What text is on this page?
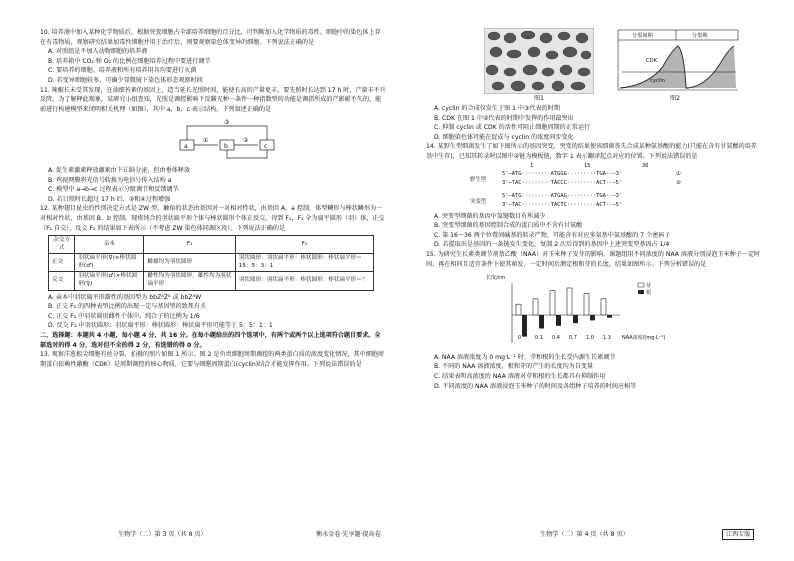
10. 培养液中加入某种化学物质后，根据突变细胞占全部培养细胞的百分比，可判断加入化学物质的毒性。细胞中的染色体上存在有毒物质，观察研究结果加毒性细胞并用于治疗后，则要观察染色体变异的细胞。下列说法正确的是

A. 对照组是不加入动物细胞的培养液

B. 培养箱中 CO₂ 和 O₂ 的比例在细胞培养过程中要进行调节

C. 要培养的细胞、培养液和所有培养用具均要进行灭菌

D. 若变异细胞较多，可确少显微镜下染色体形态观察时间

11. 辣椒长未受其发现，在油细苔素的基因上，造当延长光照时间，能使长高的产量更丰，要先照时长达到 17 h 时，产量丰不升反降。为了解释此现象，某研究小组查知，光照是调控影响下反瞒光种一条件一种指数型的功能是调指所成的产影影不失的，能前进行构建模型来闭明相关机理（如图），其中 a、b、c 表示结构。下列叙述正确的是

a	b	c
①	②
③

A. 促生素激素释放激素由下丘脑分泌，但由垂体释放

B. 鸡视网膜将光信号转换为电信号传入结构 a

C. 模型中 a→b→c 过程表示分级调节和反馈调节

D. 若日照时长超过 17 h 后，②和④过程增强

12. 某种翅目昆虫的性别决定方式是 ZW 型，触角的状态由基因对一对相对性状，由基因 A、a 控制，体型鳞形与棒状鳞形为一对相对性状，由基因 B、b 控制。现将纯合的羽状扁平形个体与棒状圆形个体正反交，得到 F₁，F₁ 全为扁平圆形（羽）体，正交（F₁ 自交）、反交 F₂ 的结果如下表所示（不考虑 ZW 染色体同源区段）。下列说法正确的是

杂交方式	亲本	F₁	F₂
正交	羽状扁平形(♀)×棒状圆形(♂)	雌雄均为羽状圆形	羽状圆形：羽状扁平形：棒状圆形：棒状扁平形＝15：5：3：1
反交	羽状扁平形(♂)×棒状圆形(♀)	雌性均为羽状圆形，雄性均为羽状扁平形	羽状圆形：羽状扁平形：棒状圆形：棒状扁平形＝？

A. 亲本中羽状扁平形雄性的基因型为 bbZᴬZᴬ 或 bbZᴬW

B. 正交 F₂ 的四种表型比例的出现一定与基因型的致死有关

C. 正交 F₂ 中羽状圆形雌性个体中，纯合子的比例为 1/6

D. 反交 F₂ 中羽状圆形：羽状扁平形：棒状圆形：棒状扁平形可能等于 5：5：1：1

二、选择题：本题共 4 小题，每小题 4 分，共 16 分。在每小题给出的四个选项中，有两个或两个以上选项符合题目要求。全部选对的得 4 分，选对但不全的得 2 分，有选错的得 0 分。

13. 观察洋葱根尖细胞有丝分裂，拍摄的照片如图 1 所示。图 2 是负责细胞周期调控的两类蛋白质的浓度变化情况，其中细胞周期蛋白依赖性激酶（CDK）是周期调控的核心物质，它要与细胞周期蛋白(cyclin)结合才能发挥作用。下列说法错误的是

生物学（二）第 3 页（共 8 页）	衡水金卷·先享题·提高卷
图1
分裂间期	分裂期
CDK
cyclin
图2

A. cyclin 的合成仅发生于图 1 中③代表的时期

B. CDK 在图 1 中②代表的时期中发挥的作用最突出

C. 抑制 cyclin 或 CDK 的活性可阻止细胞周期的正常运行

D. 细胞染色体可能在促成与 cyclin 的浓度同步变化

14. 某野生型细菌发生了如下图所示的基因突变，突变的结果使该细菌丧失合成某种氨基酸的能力(只能在含有甘氨酸的培养基中生存)，已知其转录时以图中②链为模板链，数字 1 表示翻译起点对应的位置。下列说法错误的是

1	15	36
野生型
5'—ATG·········ATGGG·········TGA··—3'
3'—TAC·········TACCC·········ACT··—5'
①
②
突变型
5'—ATG·········ATGAG·········TGA··—3'
3'—TAC·········TACTC·········ACT··—5'

A. 突变型细菌的基因中氢键数目有所减少

B. 突变型细菌的基因控制合成的蛋白质中不含有甘氨酸

C. 第 16～36 两个位置间碱基的转录产物，可能含有对应多氨基中氨基酸的 7 个密码子

D. 若提取出是基因的一条链发生变化，复制 2 次后得到的基因中上述突变型基因占 1/4

15. 为研究生长素类调节剂萘乙酸（NAA）对玉米种子发芽的影响，课题组用不同浓度的 NAA 溶液分别浸泡玉米种子一定时间，再在相同且适宜条件下使其萌发，一定时间后测定根和芽的长度，结果如图所示。下列分析错误的是

长度/cm
NAA浓度/(mg·L⁻¹)
0	0.1 0.4 0.7 1.0 1.3
芽
根

A. NAA 溶液浓度为 0 mg·L⁻¹ 时，芽和根的生长受内源生长素调节

B. 不同的 NAA 溶液浓度，根和芽的产生的长度均为自变量

C. 结果表明高浓度的 NAA 溶液对芽和根的生长都具有抑制作用

D. 不同浓度的 NAA 溶液浸泡玉米种子的时间及各组种子培养的时间应相等

生物学（二）第 4 页（共 8 页）	江西专版
